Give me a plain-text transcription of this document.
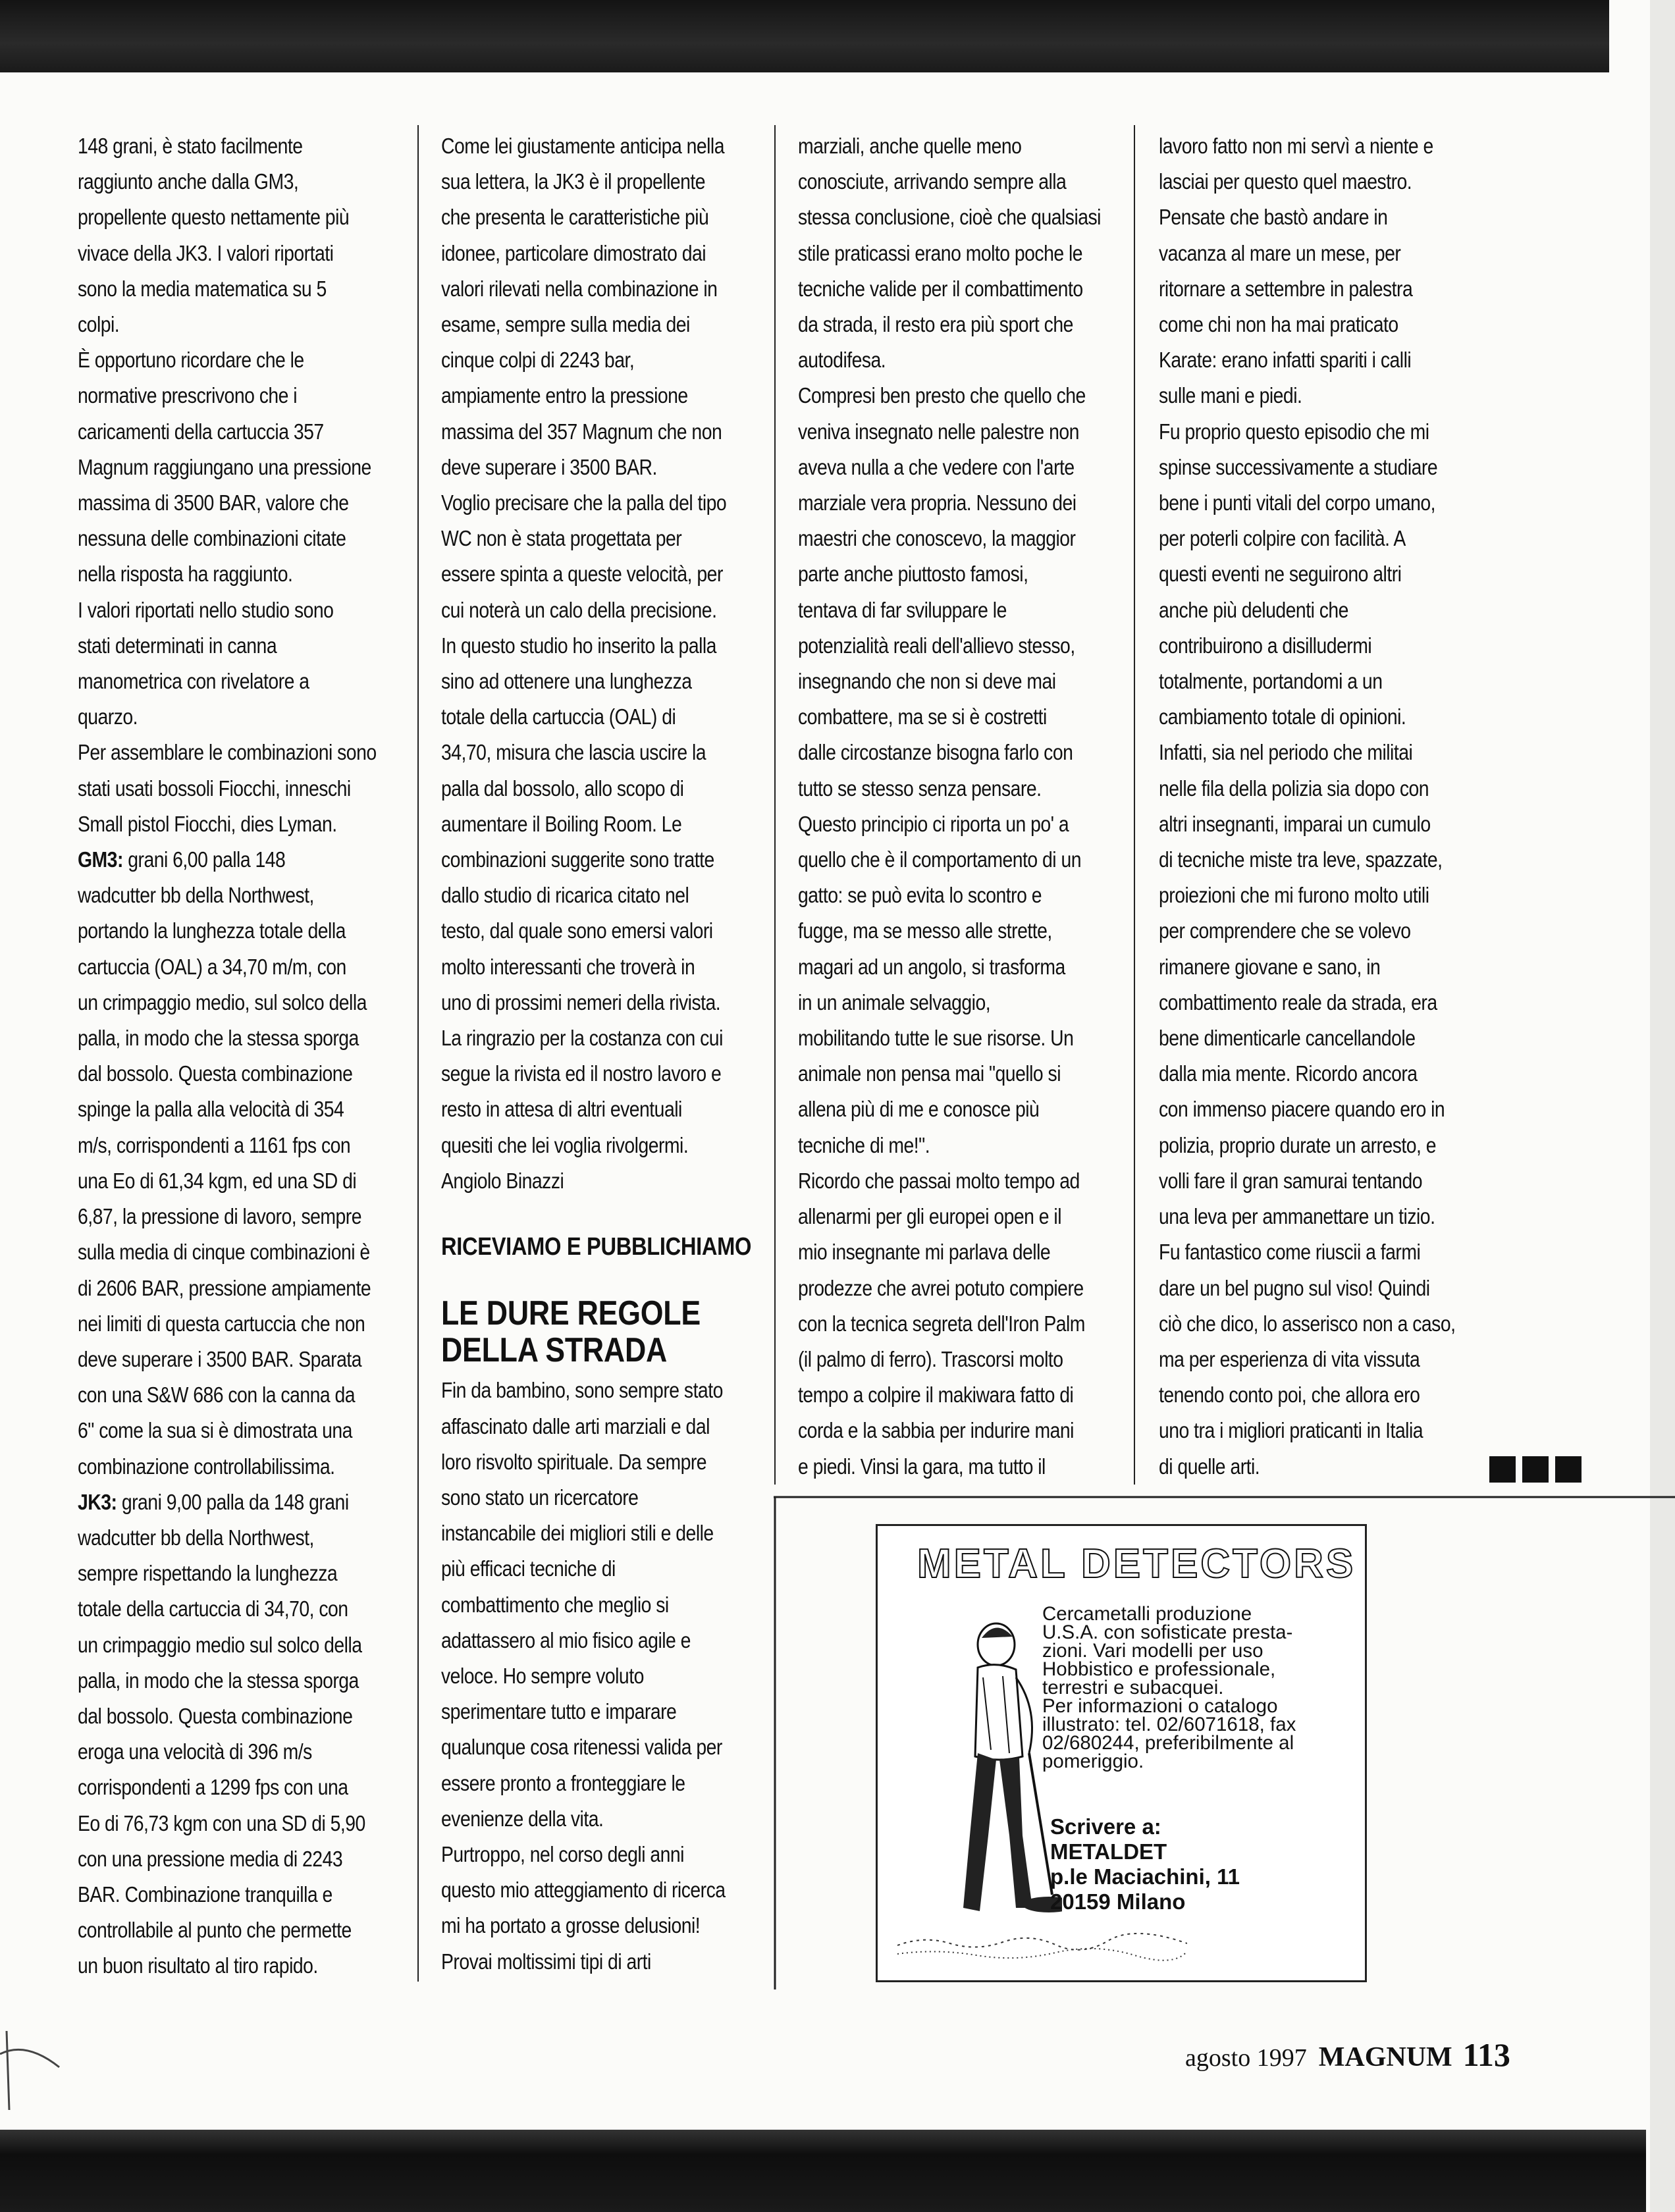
148 grani, è stato facilmente
raggiunto anche dalla GM3,
propellente questo nettamente più
vivace della JK3. I valori riportati
sono la media matematica su 5
colpi.

È opportuno ricordare che le
normative prescrivono che i
caricamenti della cartuccia 357
Magnum raggiungano una pressione
massima di 3500 BAR, valore che
nessuna delle combinazioni citate
nella risposta ha raggiunto.

I valori riportati nello studio sono
stati determinati in canna
manometrica con rivelatore a
quarzo.

Per assemblare le combinazioni sono
stati usati bossoli Fiocchi, inneschi
Small pistol Fiocchi, dies Lyman.

GM3: grani 6,00 palla 148
wadcutter bb della Northwest,
portando la lunghezza totale della
cartuccia (OAL) a 34,70 m/m, con
un crimpaggio medio, sul solco della
palla, in modo che la stessa sporga
dal bossolo. Questa combinazione
spinge la palla alla velocità di 354
m/s, corrispondenti a 1161 fps con
una Eo di 61,34 kgm, ed una SD di
6,87, la pressione di lavoro, sempre
sulla media di cinque combinazioni è
di 2606 BAR, pressione ampiamente
nei limiti di questa cartuccia che non
deve superare i 3500 BAR. Sparata
con una S&W 686 con la canna da
6" come la sua si è dimostrata una
combinazione controllabilissima.

JK3: grani 9,00 palla da 148 grani
wadcutter bb della Northwest,
sempre rispettando la lunghezza
totale della cartuccia di 34,70, con
un crimpaggio medio sul solco della
palla, in modo che la stessa sporga
dal bossolo. Questa combinazione
eroga una velocità di 396 m/s
corrispondenti a 1299 fps con una
Eo di 76,73 kgm con una SD di 5,90
con una pressione media di 2243
BAR. Combinazione tranquilla e
controllabile al punto che permette
un buon risultato al tiro rapido.

Come lei giustamente anticipa nella
sua lettera, la JK3 è il propellente
che presenta le caratteristiche più
idonee, particolare dimostrato dai
valori rilevati nella combinazione in
esame, sempre sulla media dei
cinque colpi di 2243 bar,
ampiamente entro la pressione
massima del 357 Magnum che non
deve superare i 3500 BAR.

Voglio precisare che la palla del tipo
WC non è stata progettata per
essere spinta a queste velocità, per
cui noterà un calo della precisione.

In questo studio ho inserito la palla
sino ad ottenere una lunghezza
totale della cartuccia (OAL) di
34,70, misura che lascia uscire la
palla dal bossolo, allo scopo di
aumentare il Boiling Room. Le
combinazioni suggerite sono tratte
dallo studio di ricarica citato nel
testo, dal quale sono emersi valori
molto interessanti che troverà in
uno di prossimi nemeri della rivista.

La ringrazio per la costanza con cui
segue la rivista ed il nostro lavoro e
resto in attesa di altri eventuali
quesiti che lei voglia rivolgermi.

Angiolo Binazzi

RICEVIAMO E PUBBLICHIAMO
LE DURE REGOLE
DELLA STRADA

Fin da bambino, sono sempre stato
affascinato dalle arti marziali e dal
loro risvolto spirituale. Da sempre
sono stato un ricercatore
instancabile dei migliori stili e delle
più efficaci tecniche di
combattimento che meglio si
adattassero al mio fisico agile e
veloce. Ho sempre voluto
sperimentare tutto e imparare
qualunque cosa ritenessi valida per
essere pronto a fronteggiare le
evenienze della vita.

Purtroppo, nel corso degli anni
questo mio atteggiamento di ricerca
mi ha portato a grosse delusioni!
Provai moltissimi tipi di arti

marziali, anche quelle meno
conosciute, arrivando sempre alla
stessa conclusione, cioè che qualsiasi
stile praticassi erano molto poche le
tecniche valide per il combattimento
da strada, il resto era più sport che
autodifesa.

Compresi ben presto che quello che
veniva insegnato nelle palestre non
aveva nulla a che vedere con l'arte
marziale vera propria. Nessuno dei
maestri che conoscevo, la maggior
parte anche piuttosto famosi,
tentava di far sviluppare le
potenzialità reali dell'allievo stesso,
insegnando che non si deve mai
combattere, ma se si è costretti
dalle circostanze bisogna farlo con
tutto se stesso senza pensare.

Questo principio ci riporta un po' a
quello che è il comportamento di un
gatto: se può evita lo scontro e
fugge, ma se messo alle strette,
magari ad un angolo, si trasforma
in un animale selvaggio,
mobilitando tutte le sue risorse. Un
animale non pensa mai "quello si
allena più di me e conosce più
tecniche di me!".

Ricordo che passai molto tempo ad
allenarmi per gli europei open e il
mio insegnante mi parlava delle
prodezze che avrei potuto compiere
con la tecnica segreta dell'Iron Palm
(il palmo di ferro). Trascorsi molto
tempo a colpire il makiwara fatto di
corda e la sabbia per indurire mani
e piedi. Vinsi la gara, ma tutto il

lavoro fatto non mi servì a niente e
lasciai per questo quel maestro.
Pensate che bastò andare in
vacanza al mare un mese, per
ritornare a settembre in palestra
come chi non ha mai praticato
Karate: erano infatti spariti i calli
sulle mani e piedi.

Fu proprio questo episodio che mi
spinse successivamente a studiare
bene i punti vitali del corpo umano,
per poterli colpire con facilità. A
questi eventi ne seguirono altri
anche più deludenti che
contribuirono a disilludermi
totalmente, portandomi a un
cambiamento totale di opinioni.

Infatti, sia nel periodo che militai
nelle fila della polizia sia dopo con
altri insegnanti, imparai un cumulo
di tecniche miste tra leve, spazzate,
proiezioni che mi furono molto utili
per comprendere che se volevo
rimanere giovane e sano, in
combattimento reale da strada, era
bene dimenticarle cancellandole
dalla mia mente. Ricordo ancora
con immenso piacere quando ero in
polizia, proprio durate un arresto, e
volli fare il gran samurai tentando
una leva per ammanettare un tizio.
Fu fantastico come riuscii a farmi
dare un bel pugno sul viso! Quindi
ciò che dico, lo asserisco non a caso,
ma per esperienza di vita vissuta
tenendo conto poi, che allora ero
uno tra i migliori praticanti in Italia
di quelle arti.

METAL DETECTORS
Cercametalli produzione
U.S.A. con sofisticate presta-
zioni. Vari modelli per uso
Hobbistico e professionale,
terrestri e subacquei.
Per informazioni o catalogo
illustrato: tel. 02/6071618, fax
02/680244, preferibilmente al
pomeriggio.
Scrivere a:
METALDET
p.le Maciachini, 11
20159 Milano
agosto 1997 MAGNUM 113
